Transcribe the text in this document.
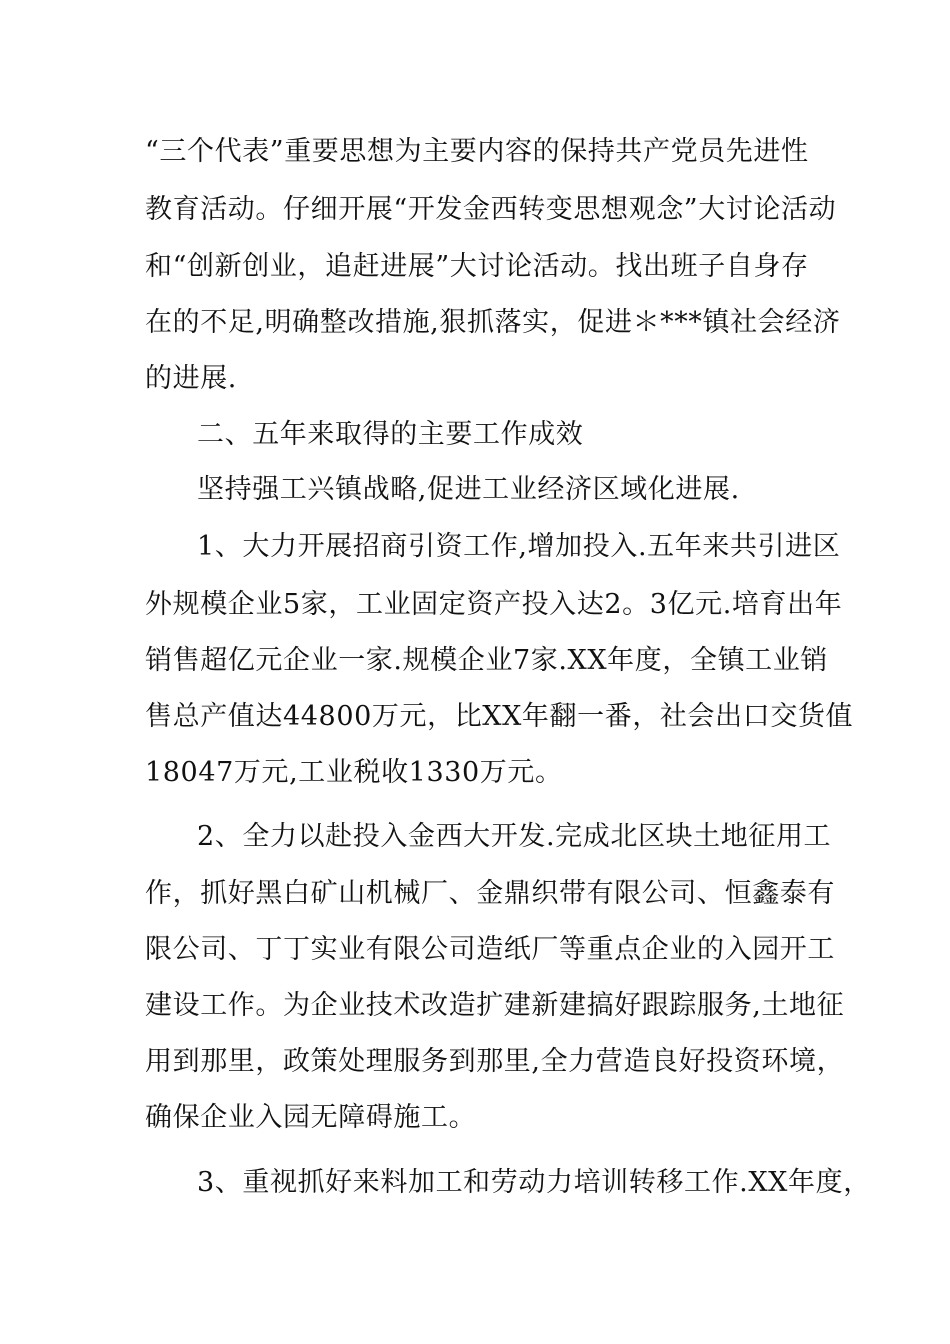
“三个代表”重要思想为主要内容的保持共产党员先进性
教育活动。仔细开展“开发金西转变思想观念”大讨论活动
和“创新创业，追赶进展”大讨论活动。找出班子自身存
在的不足,明确整改措施,狠抓落实，促进＊***镇社会经济
的进展.
二、五年来取得的主要工作成效
坚持强工兴镇战略,促进工业经济区域化进展.
1、大力开展招商引资工作,增加投入.五年来共引进区
外规模企业5家，工业固定资产投入达2。3亿元.培育出年
销售超亿元企业一家.规模企业7家.XX年度，全镇工业销
售总产值达44800万元，比XX年翻一番，社会出口交货值
18047万元,工业税收1330万元。
2、全力以赴投入金西大开发.完成北区块土地征用工
作，抓好黑白矿山机械厂、金鼎织带有限公司、恒鑫泰有
限公司、丁丁实业有限公司造纸厂等重点企业的入园开工
建设工作。为企业技术改造扩建新建搞好跟踪服务,土地征
用到那里，政策处理服务到那里,全力营造良好投资环境，
确保企业入园无障碍施工。
3、重视抓好来料加工和劳动力培训转移工作.XX年度，
